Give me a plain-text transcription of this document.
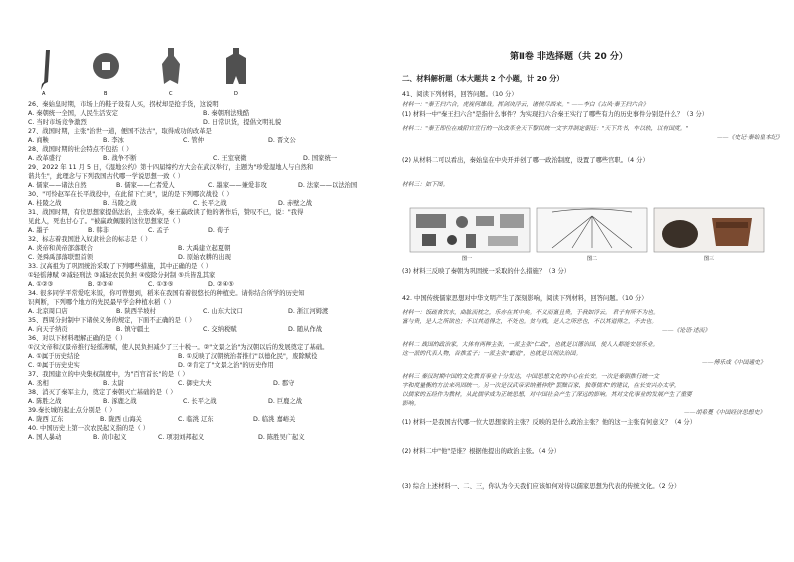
A	B	C	D
26、秦始皇时期，市场上的鞋子设有人买，拐杖却是抢手货，这说明
A. 秦朝统一全国，人民生活安定	B. 秦朝刑法残酷
C. 当时市场竞争激烈	D. 日常识货，提倡文明礼貌
27、战国时期，主张"治世一道，便国不法古"，取得成功的改革是
A. 商鞅	B. 李冰	C. 管仲	D. 晋文公
28、战国时期的社会特点不包括（ ）
A. 改革盛行	B. 战争不断	C. 王室衰微	D. 国家统一
29、2022 年 11 月 5 日，《湿地公约》第十四届缔约方大会在武汉举行，主题为"珍爱湿地人与自然和
谐共生"，此理念与下列我国古代哪一学说思想一致（ ）
A. 儒家——诸法自然	B. 儒家——仁者爱人	C. 墨家——兼爱非攻	D. 法家——以法治国
30、"可怜赵军在长平战役中，在此留下亡灵"，说的是下列哪次战役（ ）
A. 桂陵之战	B. 马陵之战	C. 长平之战	D. 赤壁之战
31、战国时期，有位思想家提倡法治，主张改革，秦王赢政读了他的著作后，赞叹不已，说："我得
见此人，死也甘心了。"被赢政佩服的这位思想家是（ ）
A. 墨子	B. 韩非	C. 孟子	D. 荀子
32、标志着我国进入奴隶社会的标志是（ ）
A. 炎帝和黄帝部落联合	B. 大禹建立起夏朝
C. 尧舜禹部落联盟首领	D. 原始农耕的出现
33. 汉高祖为了巩固统治采取了下列哪些措施，其中正确的是（ ）
①轻徭薄赋 ②减轻刑法 ③减轻农民负担 ④废除分封制 ⑤兵皆乱其家
A. ①②③	B. ②③④	C. ①③⑤	D. ②④⑤
34. 很多同学平常爱吃米饭，你可曾想到，稻米在我国有着很悠长的种植史。请你结合所学的历史知
识判断，下列哪个地方的先民最早学会种植水稻（ ）
A. 北京周口店	B. 陕西半坡村	C. 山东大汶口	D. 浙江河姆渡
35、西周分封制中下诸侯义务的规定，下面不正确的是（ ）
A. 向天子纳贡	B. 镇守疆土	C. 交纳税赋	D. 随从作战
36、对以下材料理解正确的是（ ）
①汉文帝和汉景帝推行轻徭薄赋，使人民负担减少了三十税一。②"文景之治"为汉朝以后的发展奠定了基础。
A. ①属于历史结论	B. ①反映了汉朝统治者推行"以德化民"，废除赋役
C. ②属于历史史实	D. ②肯定了"文景之治"的历史作用
37、我国建立的中央集权制度中，为"百官首长"的是（ ）
A. 丞相	B. 太尉	C. 御史大夫	D. 郡守
38、消灭了秦军主力，奠定了秦朝灭亡基础的是（ ）
A. 陈胜之战	B. 涿鹿之战	C. 长平之战	D. 巨鹿之战
39.秦长城的起止点分别是（ ）
A. 陇西 辽东	B. 陇西 山海关	C. 临洮 辽东	D. 临洮 嘉峪关
40. 中国历史上第一次农民起义指的是（ ）
A. 国人暴动	B. 黄巾起义	C. 项羽刘邦起义	D. 陈胜吴广起义
第Ⅱ卷 非选择题（共 20 分）
二、材料解析题（本大题共 2 个小题，计 20 分）
41、阅读下列材料，回答问题。（10 分）
材料一："秦王扫六合，虎视何雄哉。挥剑决浮云，诸侯尽西来。" ——李白《古风·秦王扫六合》
(1) 材料一中"秦王扫六合"是指什么事件？为实现扫六合秦王实行了哪些有力的历史事件分别是什么？（3 分）
材料二："秦王即位在咸阳官宣行的一次改革全天下黎民统一文字并制定朝廷："天下共书，车以轨，以有国度。"
——《史记·秦始皇本纪》
(2) 从材料二可以看出，秦始皇在中央开并创了哪一政治制度，设置了哪些官职。（4 分）
材料三：如下图。
(3) 材料三反映了秦朝为巩固统一采取的什么措施？（3 分）
42. 中国传统儒家思想对中华文明产生了深刻影响，阅读下列材料，回答问题。（10 分）
材料一：饭疏食饮水，曲肱而枕之，乐亦在其中矣。不义而富且贵，于我如浮云。 君子有所不为也。
富与贵，是人之所欲也；不以其道得之，不处也。贫与贱，是人之所恶也，不以其道得之，不去也。
——《论语·述而》
材料二 战国的政治家，大体有两种主张，一派主张"仁政"，也就是以德治国，使人人都能安居乐业。
这一派的代表人物，首推孟子；一派主张"霸道"，也就是以刑法治国。
——傅乐成《中国通史》
材料三 秦汉时期中国的文化教育事业十分发达，中国思想文化的中心在长安。一次是秦朝推行统一文
字和度量衡的方法来巩固统一。另一次是汉武帝采纳董仲舒"罢黜百家，独尊儒术"的建议，在长安兴办太学，
以儒家的五经作为教材，从此儒学成为正统思想，对中国社会产生了深远的影响。其对文化事业的发展产生了重要
影响。
——胡希蔓《中国经济思想史》
(1) 材料一是我国古代哪一位大思想家的主张？反映的是什么政治主张？他的这一主张有何意义？（4 分）
(2) 材料二中"他"是谁？根据他提出的政治主张。（4 分）
(3) 综合上述材料一、二、三，你认为今天我们应该如何对待以儒家思想为代表的传统文化。（2 分）
图一	图二	图三
